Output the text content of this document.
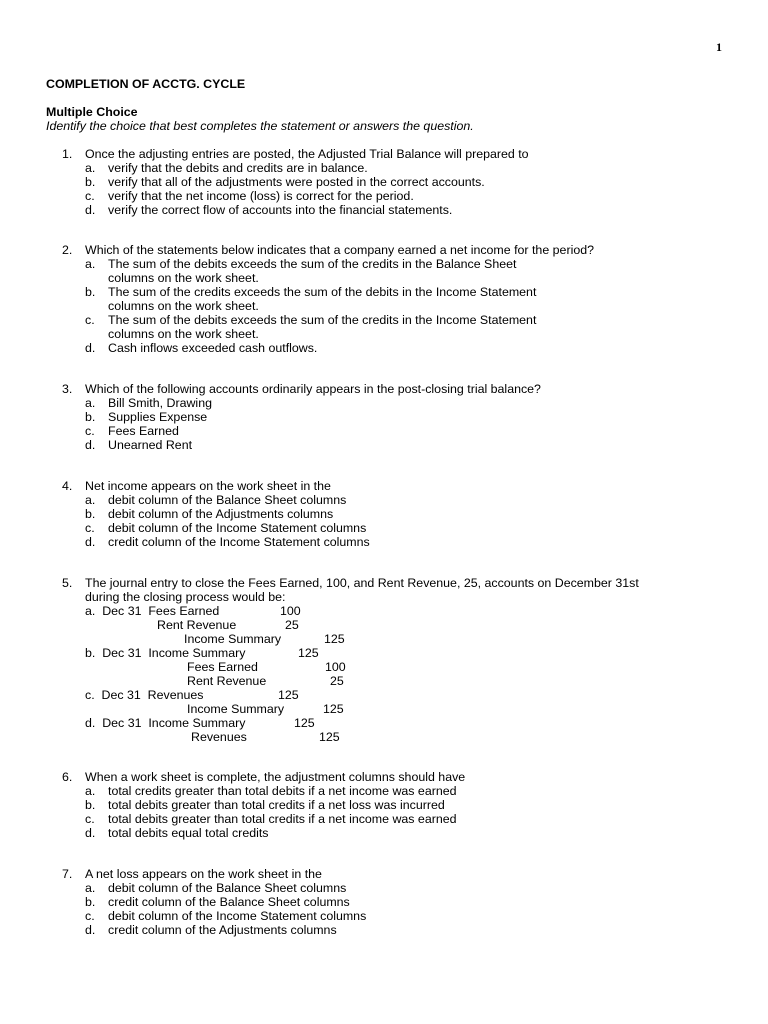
1
COMPLETION OF ACCTG. CYCLE
Multiple Choice
Identify the choice that best completes the statement or answers the question.
1. Once the adjusting entries are posted, the Adjusted Trial Balance will prepared to
a. verify that the debits and credits are in balance.
b. verify that all of the adjustments were posted in the correct accounts.
c. verify that the net income (loss) is correct for the period.
d. verify the correct flow of accounts into the financial statements.
2. Which of the statements below indicates that a company earned a net income for the period?
a. The sum of the debits exceeds the sum of the credits in the Balance Sheet
columns on the work sheet.
b. The sum of the credits exceeds the sum of the debits in the Income Statement
columns on the work sheet.
c. The sum of the debits exceeds the sum of the credits in the Income Statement
columns on the work sheet.
d. Cash inflows exceeded cash outflows.
3. Which of the following accounts ordinarily appears in the post-closing trial balance?
a. Bill Smith, Drawing
b. Supplies Expense
c. Fees Earned
d. Unearned Rent
4. Net income appears on the work sheet in the
a. debit column of the Balance Sheet columns
b. debit column of the Adjustments columns
c. debit column of the Income Statement columns
d. credit column of the Income Statement columns
5. The journal entry to close the Fees Earned, 100, and Rent Revenue, 25, accounts on December 31st
during the closing process would be:
a.  Dec 31  Fees Earned	100
Rent Revenue	25
Income Summary	125
b.  Dec 31  Income Summary	125
Fees Earned	100
Rent Revenue	25
c.  Dec 31  Revenues	125
Income Summary	125
d.  Dec 31  Income Summary	125
Revenues	125
6. When a work sheet is complete, the adjustment columns should have
a. total credits greater than total debits if a net income was earned
b. total debits greater than total credits if a net loss was incurred
c. total debits greater than total credits if a net income was earned
d. total debits equal total credits
7. A net loss appears on the work sheet in the
a. debit column of the Balance Sheet columns
b. credit column of the Balance Sheet columns
c. debit column of the Income Statement columns
d. credit column of the Adjustments columns
